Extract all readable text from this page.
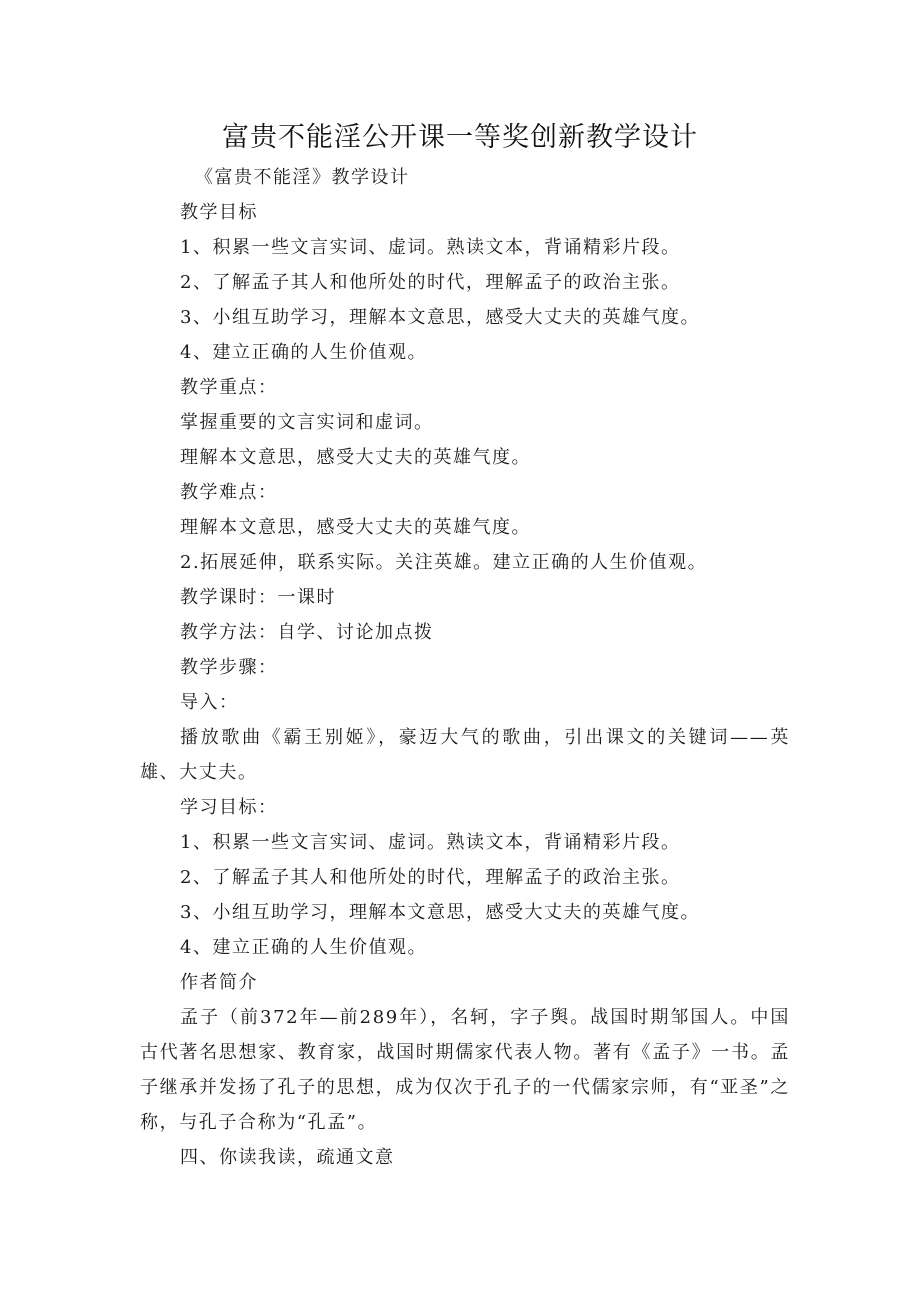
富贵不能淫公开课一等奖创新教学设计
《富贵不能淫》教学设计
教学目标
1、积累一些文言实词、虚词。熟读文本，背诵精彩片段。
2、了解孟子其人和他所处的时代，理解孟子的政治主张。
3、小组互助学习，理解本文意思，感受大丈夫的英雄气度。
4、建立正确的人生价值观。
教学重点：
掌握重要的文言实词和虚词。
理解本文意思，感受大丈夫的英雄气度。
教学难点：
理解本文意思，感受大丈夫的英雄气度。
2.拓展延伸，联系实际。关注英雄。建立正确的人生价值观。
教学课时：一课时
教学方法：自学、讨论加点拨
教学步骤：
导入：
播放歌曲《霸王别姬》，豪迈大气的歌曲，引出课文的关键词——英雄、大丈夫。
学习目标：
1、积累一些文言实词、虚词。熟读文本，背诵精彩片段。
2、了解孟子其人和他所处的时代，理解孟子的政治主张。
3、小组互助学习，理解本文意思，感受大丈夫的英雄气度。
4、建立正确的人生价值观。
作者简介
孟子（前372年—前289年），名轲，字子舆。战国时期邹国人。中国古代著名思想家、教育家，战国时期儒家代表人物。著有《孟子》一书。孟子继承并发扬了孔子的思想，成为仅次于孔子的一代儒家宗师，有“亚圣”之称，与孔子合称为“孔孟”。
四、你读我读，疏通文意
